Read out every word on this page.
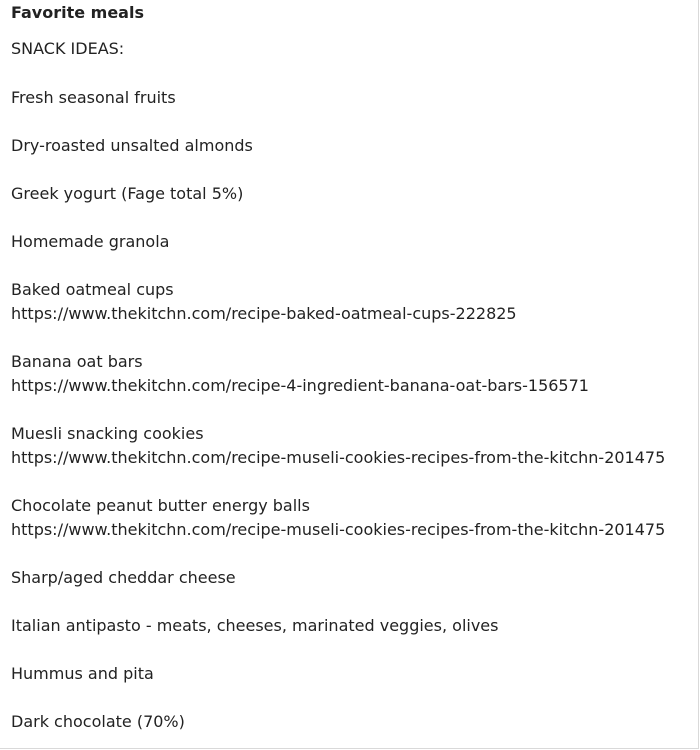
Favorite meals
SNACK IDEAS:
Fresh seasonal fruits
Dry-roasted unsalted almonds
Greek yogurt (Fage total 5%)
Homemade granola
Baked oatmeal cups
https://www.thekitchn.com/recipe-baked-oatmeal-cups-222825
Banana oat bars
https://www.thekitchn.com/recipe-4-ingredient-banana-oat-bars-156571
Muesli snacking cookies
https://www.thekitchn.com/recipe-museli-cookies-recipes-from-the-kitchn-201475
Chocolate peanut butter energy balls
https://www.thekitchn.com/recipe-museli-cookies-recipes-from-the-kitchn-201475
Sharp/aged cheddar cheese
Italian antipasto - meats, cheeses, marinated veggies, olives
Hummus and pita
Dark chocolate (70%)
